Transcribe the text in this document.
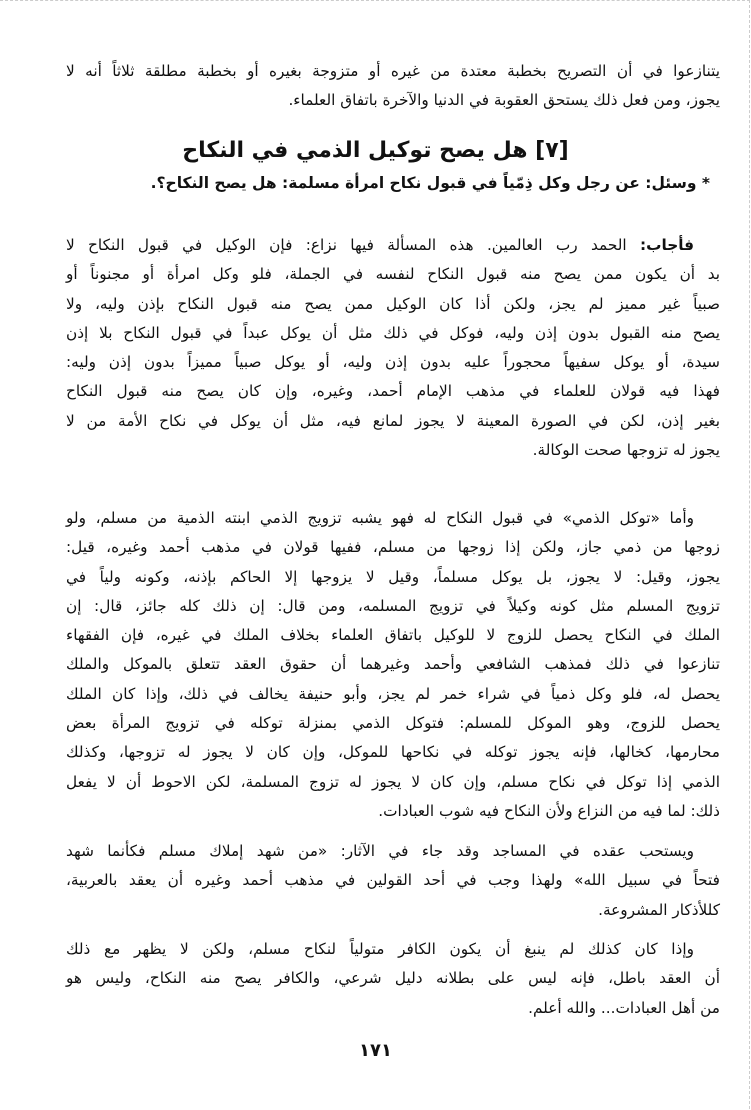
يتنازعوا في أن التصريح بخطبة معتدة من غيره أو متزوجة بغيره أو بخطبة مطلقة ثلاثاً أنه لا
يجوز، ومن فعل ذلك يستحق العقوبة في الدنيا والآخرة باتفاق العلماء.
[٧] هل يصح توكيل الذمي في النكاح
* وسئل: عن رجل وكل ذِمّياً في قبول نكاح امرأة مسلمة: هل يصح النكاح؟.
فأجاب: الحمد رب العالمين. هذه المسألة فيها نزاع: فإن الوكيل في قبول النكاح لا
بد أن يكون ممن يصح منه قبول النكاح لنفسه في الجملة، فلو وكل امرأة أو مجنوناً أو
صبياً غير مميز لم يجز، ولكن أذا كان الوكيل ممن يصح منه قبول النكاح بإذن وليه، ولا
يصح منه القبول بدون إذن وليه، فوكل في ذلك مثل أن يوكل عبداً في قبول النكاح بلا إذن
سيدة، أو يوكل سفيهاً محجوراً عليه بدون إذن وليه، أو يوكل صبياً مميزاً بدون إذن وليه:
فهذا فيه قولان للعلماء في مذهب الإمام أحمد، وغيره، وإن كان يصح منه قبول النكاح
بغير إذن، لكن في الصورة المعينة لا يجوز لمانع فيه، مثل أن يوكل في نكاح الأمة من لا
يجوز له تزوجها صحت الوكالة.
وأما «توكل الذمي» في قبول النكاح له فهو يشبه تزويج الذمي ابنته الذمية من مسلم، ولو
زوجها من ذمي جاز، ولكن إذا زوجها من مسلم، ففيها قولان في مذهب أحمد وغيره، قيل:
يجوز، وقيل: لا يجوز، بل يوكل مسلماً، وقيل لا يزوجها إلا الحاكم بإذنه، وكونه ولياً في
تزويج المسلم مثل كونه وكيلاً في تزويج المسلمه، ومن قال: إن ذلك كله جائز، قال: إن
الملك في النكاح يحصل للزوج لا للوكيل باتفاق العلماء بخلاف الملك في غيره، فإن الفقهاء
تنازعوا في ذلك فمذهب الشافعي وأحمد وغيرهما أن حقوق العقد تتعلق بالموكل والملك
يحصل له، فلو وكل ذمياً في شراء خمر لم يجز، وأبو حنيفة يخالف في ذلك، وإذا كان الملك
يحصل للزوج، وهو الموكل للمسلم: فتوكل الذمي بمنزلة توكله في تزويج المرأة بعض
محارمها، كخالها، فإنه يجوز توكله في نكاحها للموكل، وإن كان لا يجوز له تزوجها، وكذلك
الذمي إذا توكل في نكاح مسلم، وإن كان لا يجوز له تزوج المسلمة، لكن الاحوط أن لا يفعل
ذلك: لما فيه من النزاع ولأن النكاح فيه شوب العبادات.
ويستحب عقده في المساجد وقد جاء في الآثار: «من شهد إملاك مسلم فكأنما شهد
فتحاً في سبيل الله» ولهذا وجب في أحد القولين في مذهب أحمد وغيره أن يعقد بالعربية،
كللأذكار المشروعة.
وإذا كان كذلك لم ينبغ أن يكون الكافر متولياً لنكاح مسلم، ولكن لا يظهر مع ذلك
أن العقد باطل، فإنه ليس على بطلانه دليل شرعي، والكافر يصح منه النكاح، وليس هو
من أهل العبادات... والله أعلم.
١٧١
